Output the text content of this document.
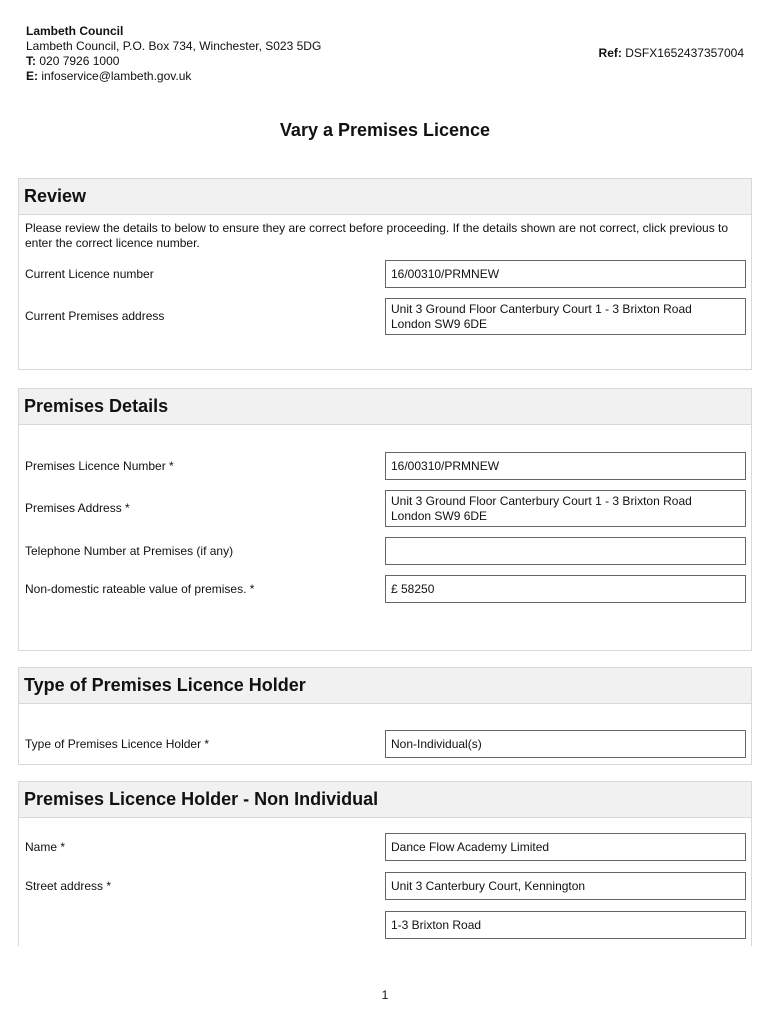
Lambeth Council
Lambeth Council, P.O. Box 734, Winchester, S023 5DG
T: 020 7926 1000
E: infoservice@lambeth.gov.uk
Ref: DSFX1652437357004
Vary a Premises Licence
Review
Please review the details to below to ensure they are correct before proceeding. If the details shown are not correct, click previous to enter the correct licence number.
Current Licence number	16/00310/PRMNEW
Current Premises address
Unit 3 Ground Floor Canterbury Court 1 - 3 Brixton Road
London SW9 6DE
Premises Details
Premises Licence Number *	16/00310/PRMNEW
Premises Address *
Unit 3 Ground Floor Canterbury Court 1 - 3 Brixton Road
London SW9 6DE
Telephone Number at Premises (if any)
Non-domestic rateable value of premises. *	£ 58250
Type of Premises Licence Holder
Type of Premises Licence Holder *	Non-Individual(s)
Premises Licence Holder - Non Individual
Name *	Dance Flow Academy Limited
Street address *	Unit 3 Canterbury Court, Kennington
1-3 Brixton Road
1
